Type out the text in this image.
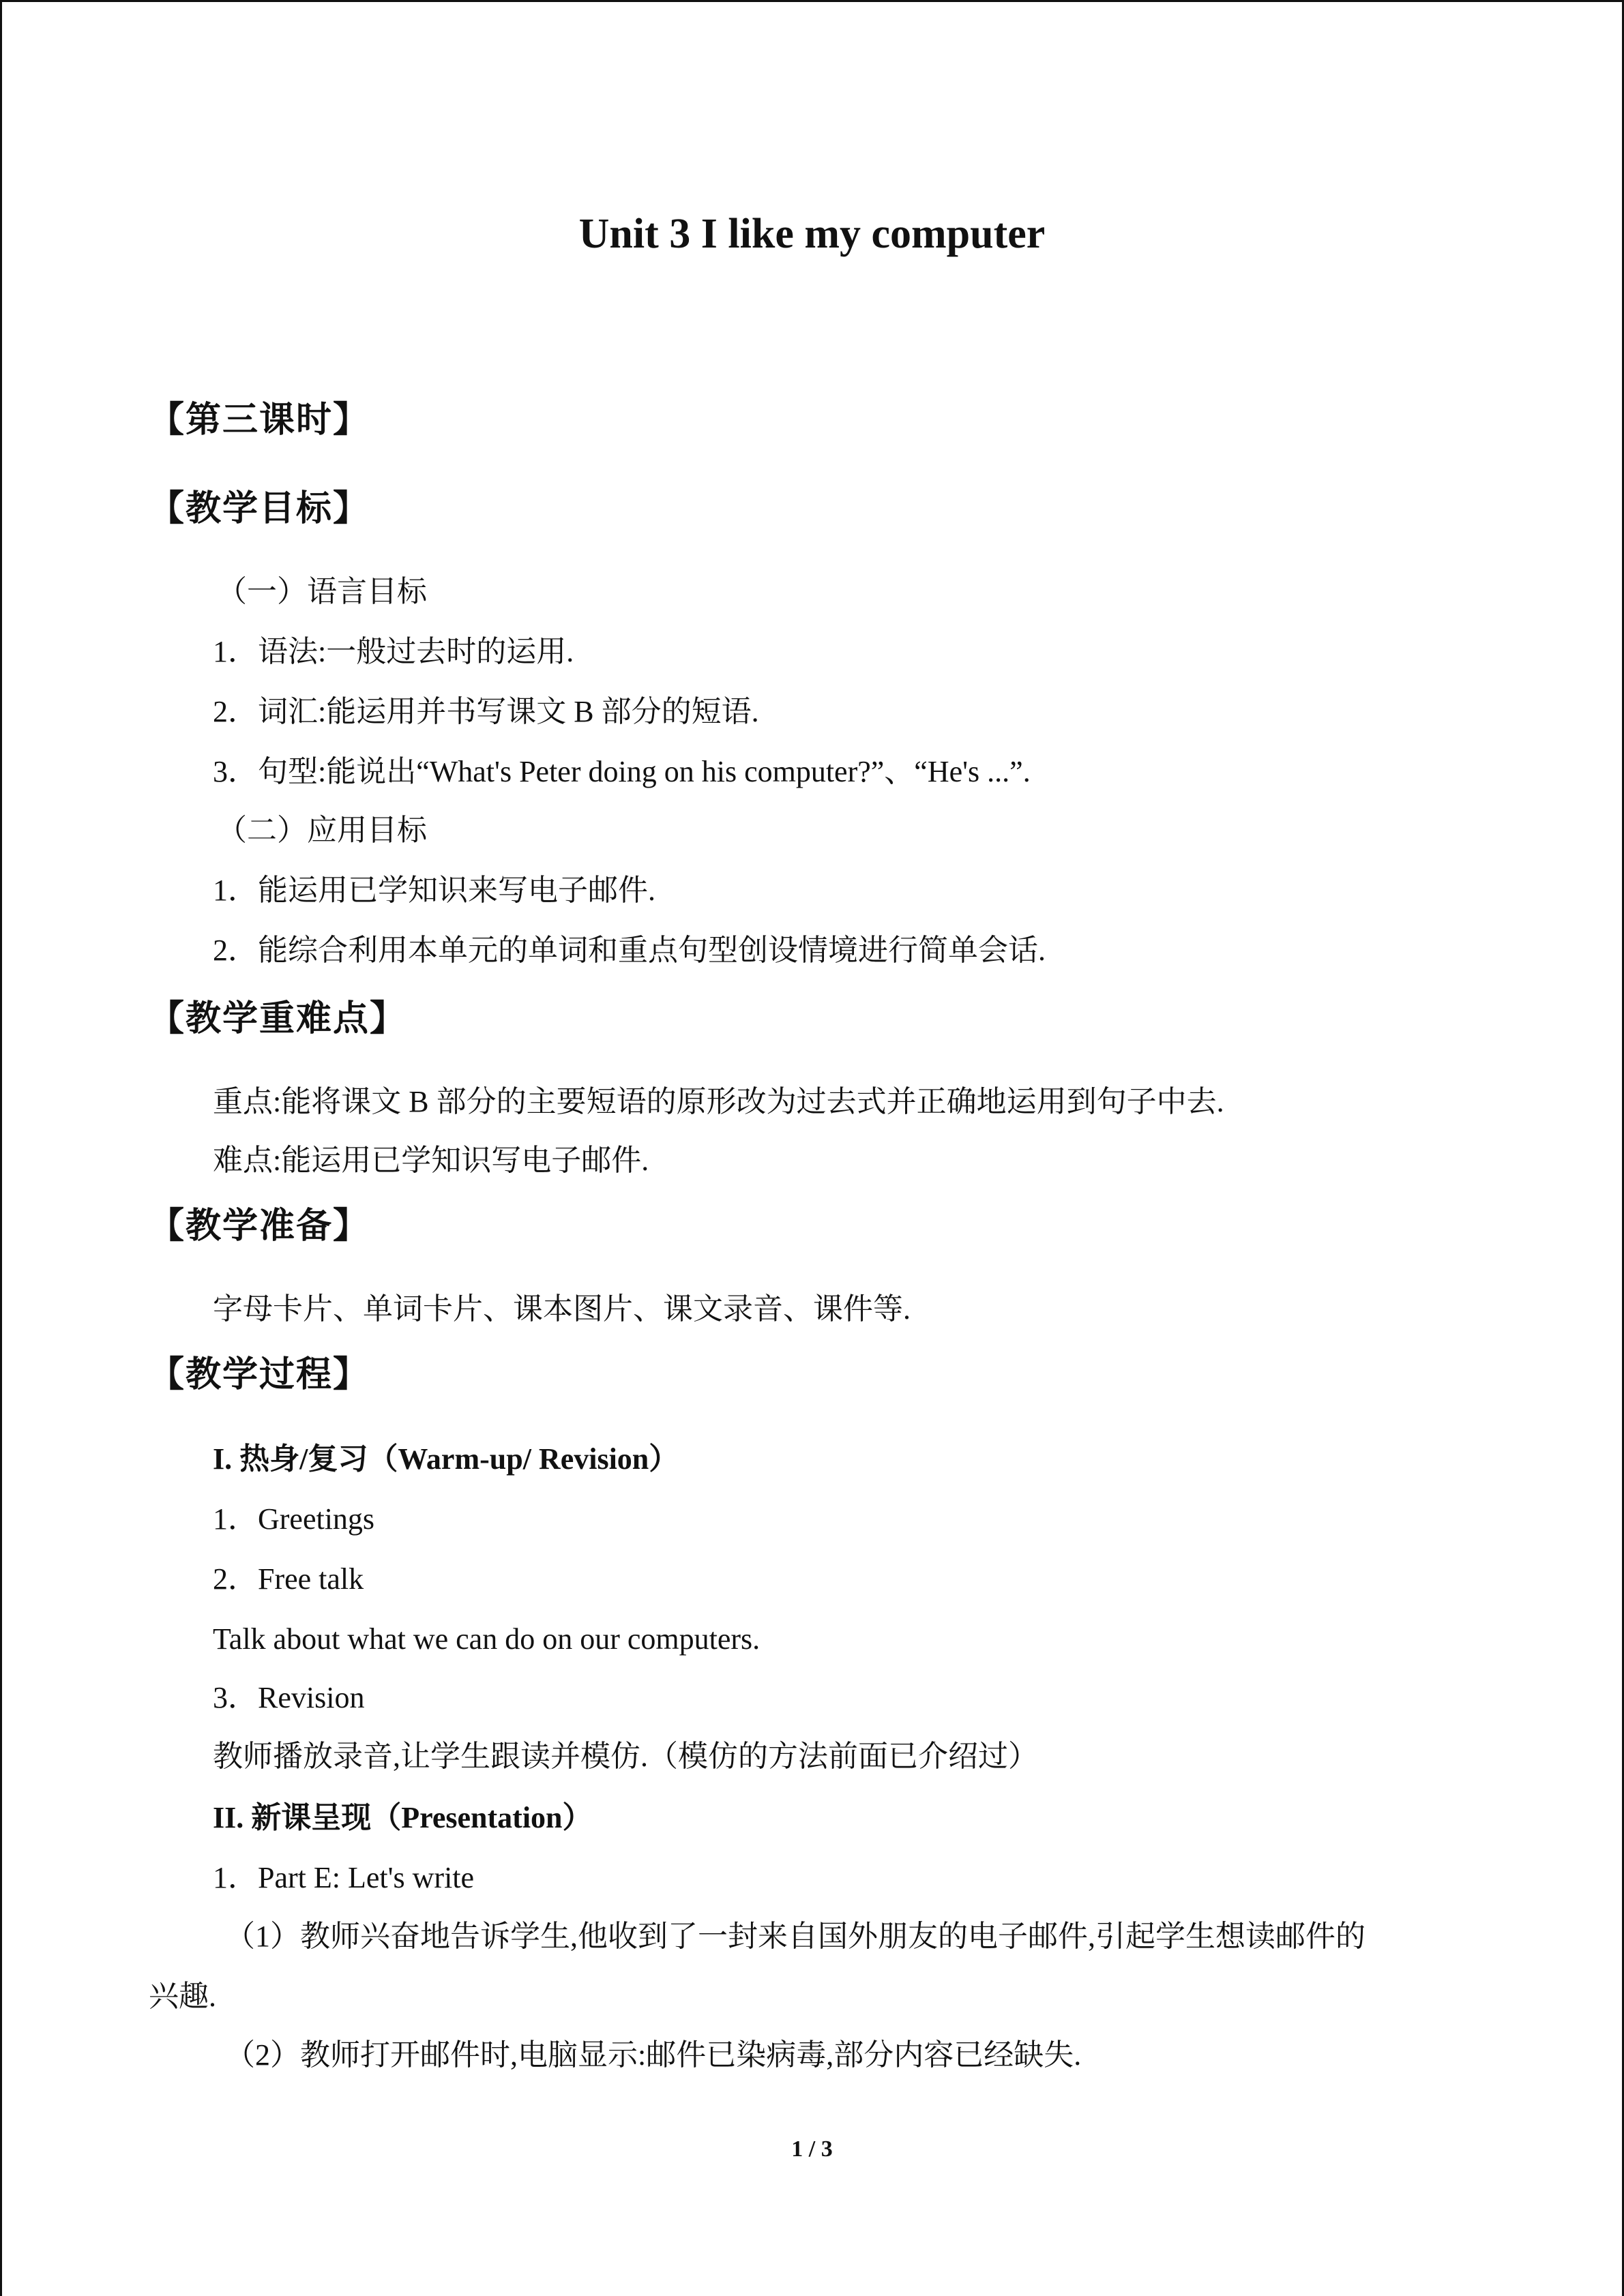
Unit 3 I like my computer
【第三课时】
【教学目标】
（一）语言目标
1．语法:一般过去时的运用.
2．词汇:能运用并书写课文 B 部分的短语.
3．句型:能说出“What's Peter doing on his computer?”、“He's ...”.
（二）应用目标
1．能运用已学知识来写电子邮件.
2．能综合利用本单元的单词和重点句型创设情境进行简单会话.
【教学重难点】
重点:能将课文 B 部分的主要短语的原形改为过去式并正确地运用到句子中去.
难点:能运用已学知识写电子邮件.
【教学准备】
字母卡片、单词卡片、课本图片、课文录音、课件等.
【教学过程】
I. 热身/复习（Warm-up/ Revision）
1．Greetings
2．Free talk
Talk about what we can do on our computers.
3．Revision
教师播放录音,让学生跟读并模仿.（模仿的方法前面已介绍过）
II. 新课呈现（Presentation）
1．Part E: Let's write
（1）教师兴奋地告诉学生,他收到了一封来自国外朋友的电子邮件,引起学生想读邮件的
兴趣.
（2）教师打开邮件时,电脑显示:邮件已染病毒,部分内容已经缺失.
1 / 3
